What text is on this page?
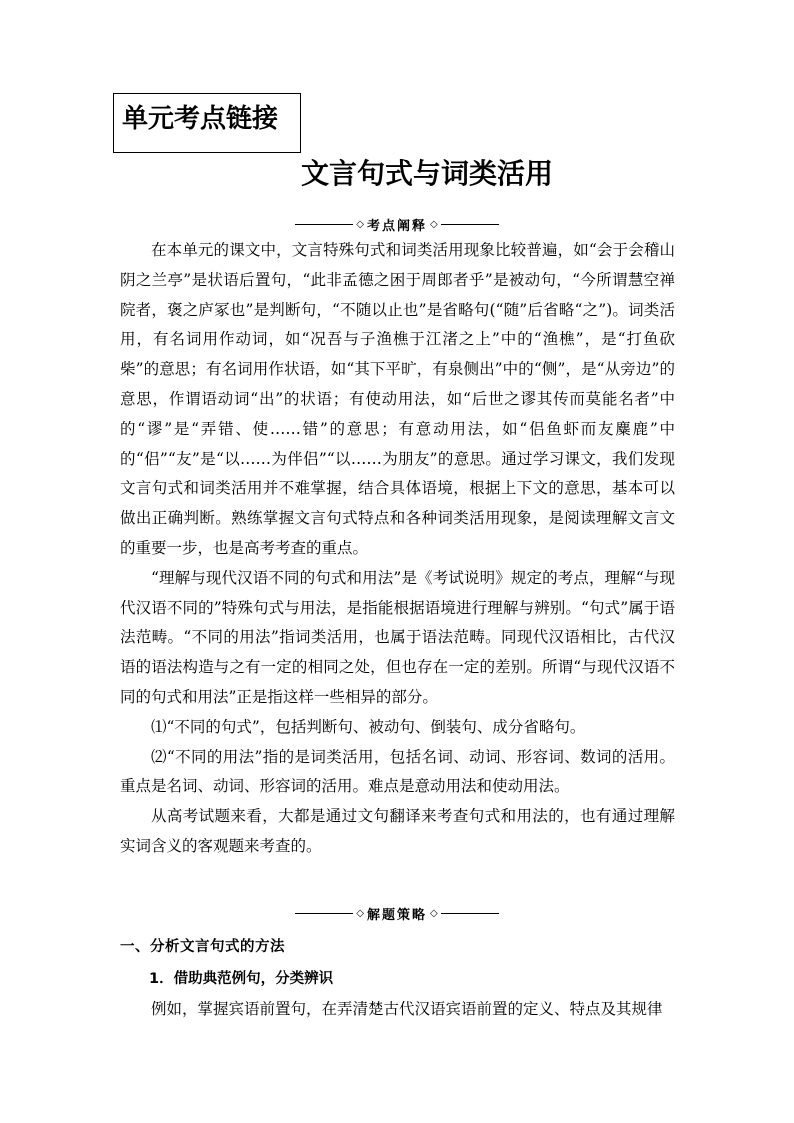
单元考点链接
文言句式与词类活用
◇ 考点阐释 ◇

在本单元的课文中，文言特殊句式和词类活用现象比较普遍，如“会于会稽山阴之兰亭”是状语后置句，“此非孟德之困于周郎者乎”是被动句，“今所谓慧空禅院者，褒之庐冢也”是判断句，“不随以止也”是省略句(“随”后省略“之”)。词类活用，有名词用作动词，如“况吾与子渔樵于江渚之上”中的“渔樵”，是“打鱼砍柴”的意思；有名词用作状语，如“其下平旷，有泉侧出”中的“侧”，是“从旁边”的意思，作谓语动词“出”的状语；有使动用法，如“后世之谬其传而莫能名者”中的“谬”是“弄错、使……错”的意思；有意动用法，如“侣鱼虾而友麋鹿”中的“侣”“友”是“以……为伴侣”“以……为朋友”的意思。通过学习课文，我们发现文言句式和词类活用并不难掌握，结合具体语境，根据上下文的意思，基本可以做出正确判断。熟练掌握文言句式特点和各种词类活用现象，是阅读理解文言文的重要一步，也是高考考查的重点。

“理解与现代汉语不同的句式和用法”是《考试说明》规定的考点，理解“与现代汉语不同的”特殊句式与用法，是指能根据语境进行理解与辨别。“句式”属于语法范畴。“不同的用法”指词类活用，也属于语法范畴。同现代汉语相比，古代汉语的语法构造与之有一定的相同之处，但也存在一定的差别。所谓“与现代汉语不同的句式和用法”正是指这样一些相异的部分。

⑴“不同的句式”，包括判断句、被动句、倒装句、成分省略句。

⑵“不同的用法”指的是词类活用，包括名词、动词、形容词、数词的活用。重点是名词、动词、形容词的活用。难点是意动用法和使动用法。

从高考试题来看，大都是通过文句翻译来考查句式和用法的，也有通过理解实词含义的客观题来考查的。

◇ 解题策略 ◇
一、分析文言句式的方法
1．借助典范例句，分类辨识

例如，掌握宾语前置句，在弄清楚古代汉语宾语前置的定义、特点及其规律
